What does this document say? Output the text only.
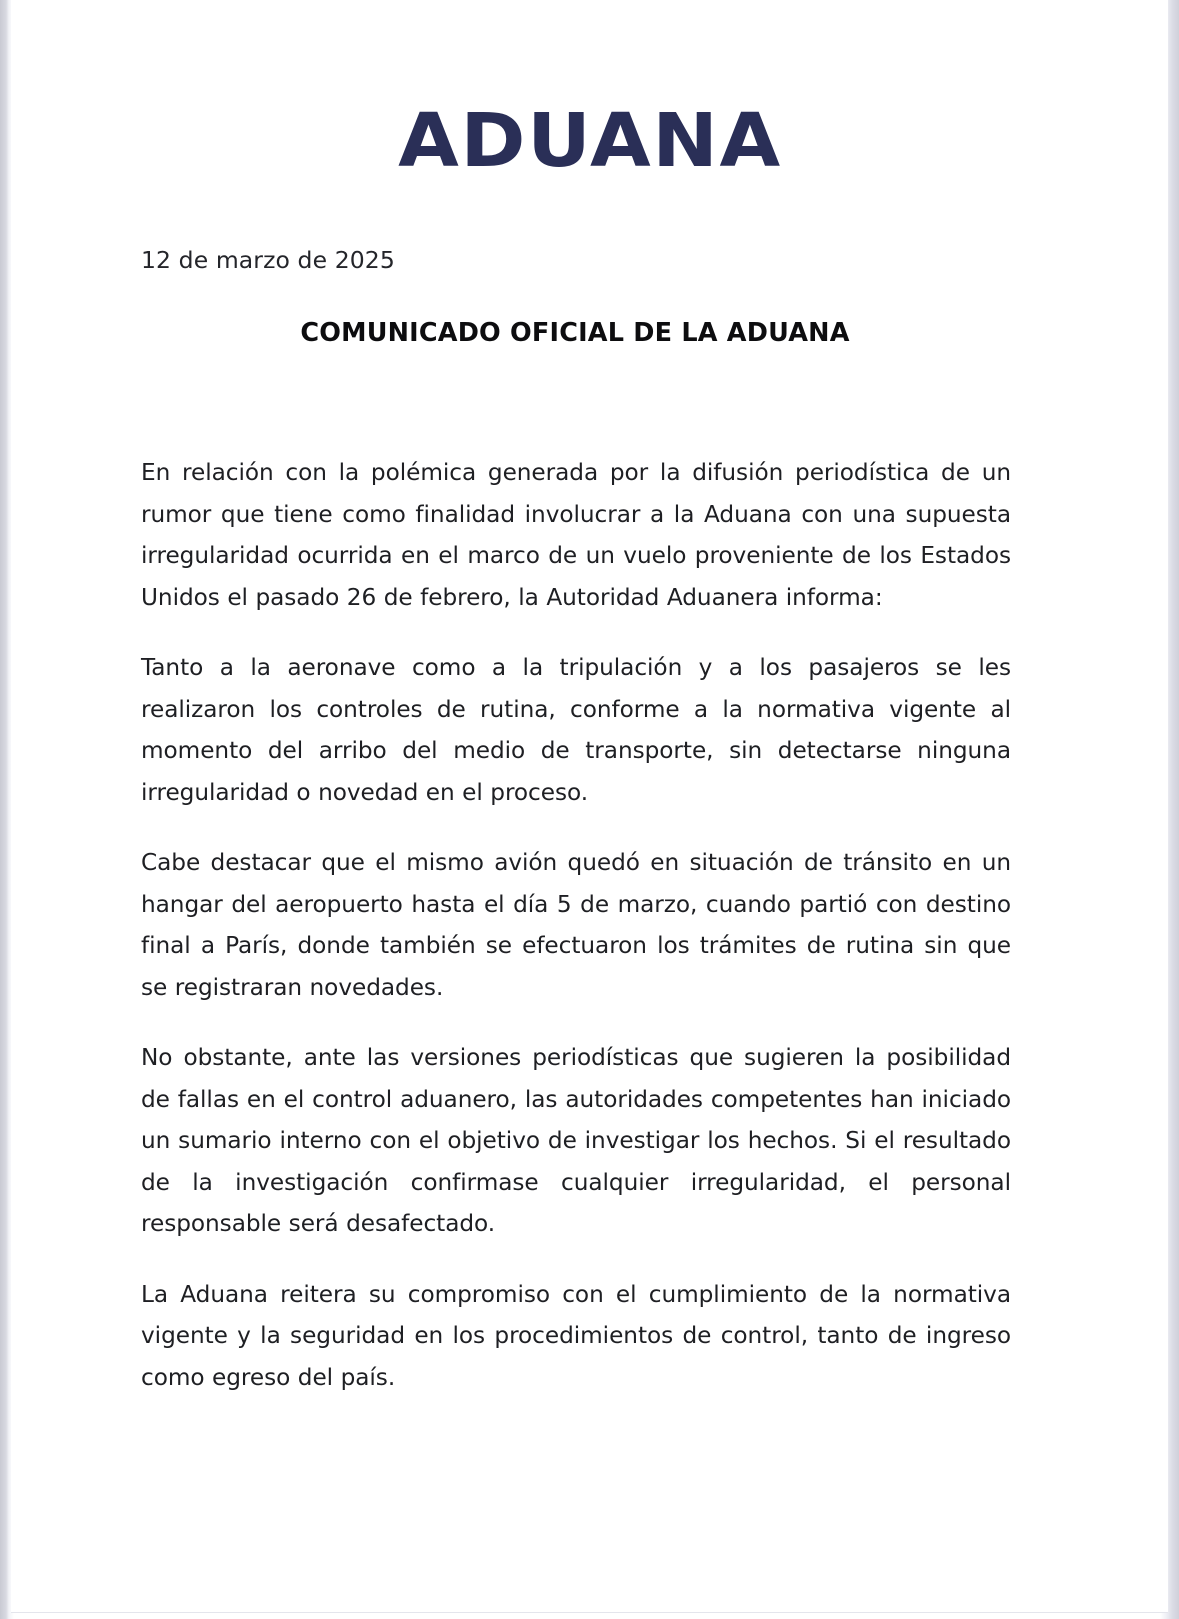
ADUANA
12 de marzo de 2025
COMUNICADO OFICIAL DE LA ADUANA

En relación con la polémica generada por la difusión periodística de un rumor que tiene como finalidad involucrar a la Aduana con una supuesta irregularidad ocurrida en el marco de un vuelo proveniente de los Estados Unidos el pasado 26 de febrero, la Autoridad Aduanera informa:

Tanto a la aeronave como a la tripulación y a los pasajeros se les realizaron los controles de rutina, conforme a la normativa vigente al momento del arribo del medio de transporte, sin detectarse ninguna irregularidad o novedad en el proceso.

Cabe destacar que el mismo avión quedó en situación de tránsito en un hangar del aeropuerto hasta el día 5 de marzo, cuando partió con destino final a París, donde también se efectuaron los trámites de rutina sin que se registraran novedades.

No obstante, ante las versiones periodísticas que sugieren la posibilidad de fallas en el control aduanero, las autoridades competentes han iniciado un sumario interno con el objetivo de investigar los hechos. Si el resultado de la investigación confirmase cualquier irregularidad, el personal responsable será desafectado.

La Aduana reitera su compromiso con el cumplimiento de la normativa vigente y la seguridad en los procedimientos de control, tanto de ingreso como egreso del país.
